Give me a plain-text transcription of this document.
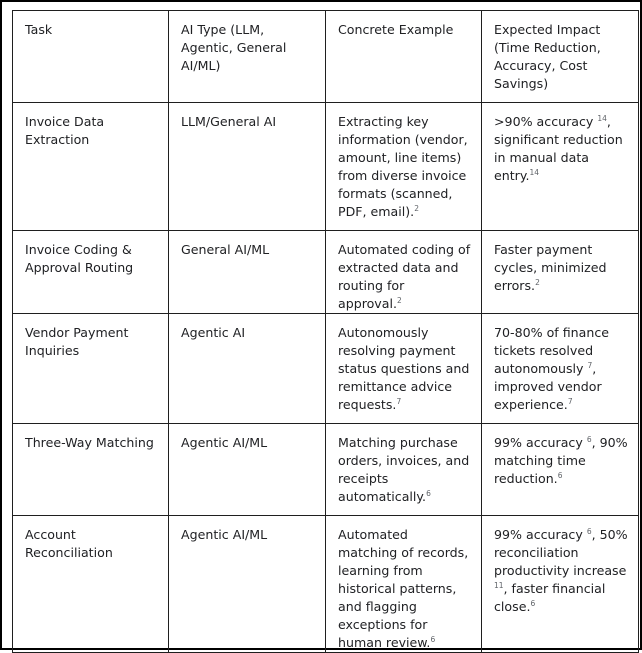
Task	AI Type (LLM, Agentic, General AI/ML)	Concrete Example	Expected Impact (Time Reduction, Accuracy, Cost Savings)
Invoice Data Extraction	LLM/General AI	Extracting key information (vendor, amount, line items) from diverse invoice formats (scanned, PDF, email).$^2$	>90% accuracy $^{14}$, significant reduction in manual data entry.$^{14}$
Invoice Coding & Approval Routing	General AI/ML	Automated coding of extracted data and routing for approval.$^2$	Faster payment cycles, minimized errors.$^2$
Vendor Payment Inquiries	Agentic AI	Autonomously resolving payment status questions and remittance advice requests.$^7$	70-80% of finance tickets resolved autonomously $^7$, improved vendor experience.$^7$
Three-Way Matching	Agentic AI/ML	Matching purchase orders, invoices, and receipts automatically.$^6$	99% accuracy $^6$, 90% matching time reduction.$^6$
Account Reconciliation	Agentic AI/ML	Automated matching of records, learning from historical patterns, and flagging exceptions for human review.$^6$	99% accuracy $^6$, 50% reconciliation productivity increase $^{11}$, faster financial close.$^6$
